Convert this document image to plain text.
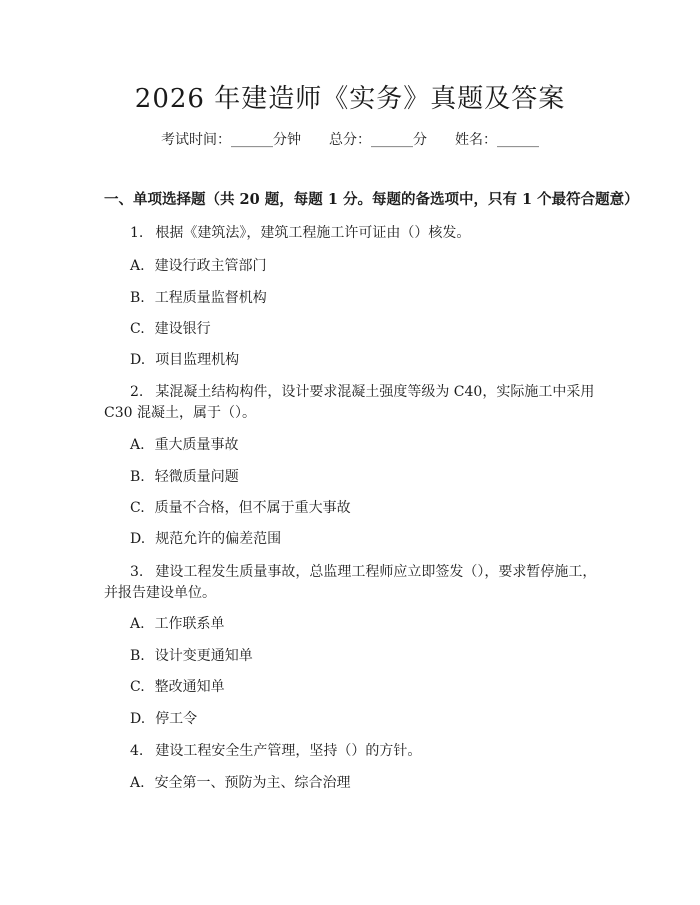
2026 年建造师《实务》真题及答案
考试时间：______分钟 总分：______分 姓名：______
一、单项选择题（共 20 题，每题 1 分。每题的备选项中，只有 1 个最符合题意）
1. 根据《建筑法》，建筑工程施工许可证由（）核发。
A. 建设行政主管部门
B. 工程质量监督机构
C. 建设银行
D. 项目监理机构
2. 某混凝土结构构件，设计要求混凝土强度等级为 C40，实际施工中采用
C30 混凝土，属于（）。
A. 重大质量事故
B. 轻微质量问题
C. 质量不合格，但不属于重大事故
D. 规范允许的偏差范围
3. 建设工程发生质量事故，总监理工程师应立即签发（），要求暂停施工，
并报告建设单位。
A. 工作联系单
B. 设计变更通知单
C. 整改通知单
D. 停工令
4. 建设工程安全生产管理，坚持（）的方针。
A. 安全第一、预防为主、综合治理
